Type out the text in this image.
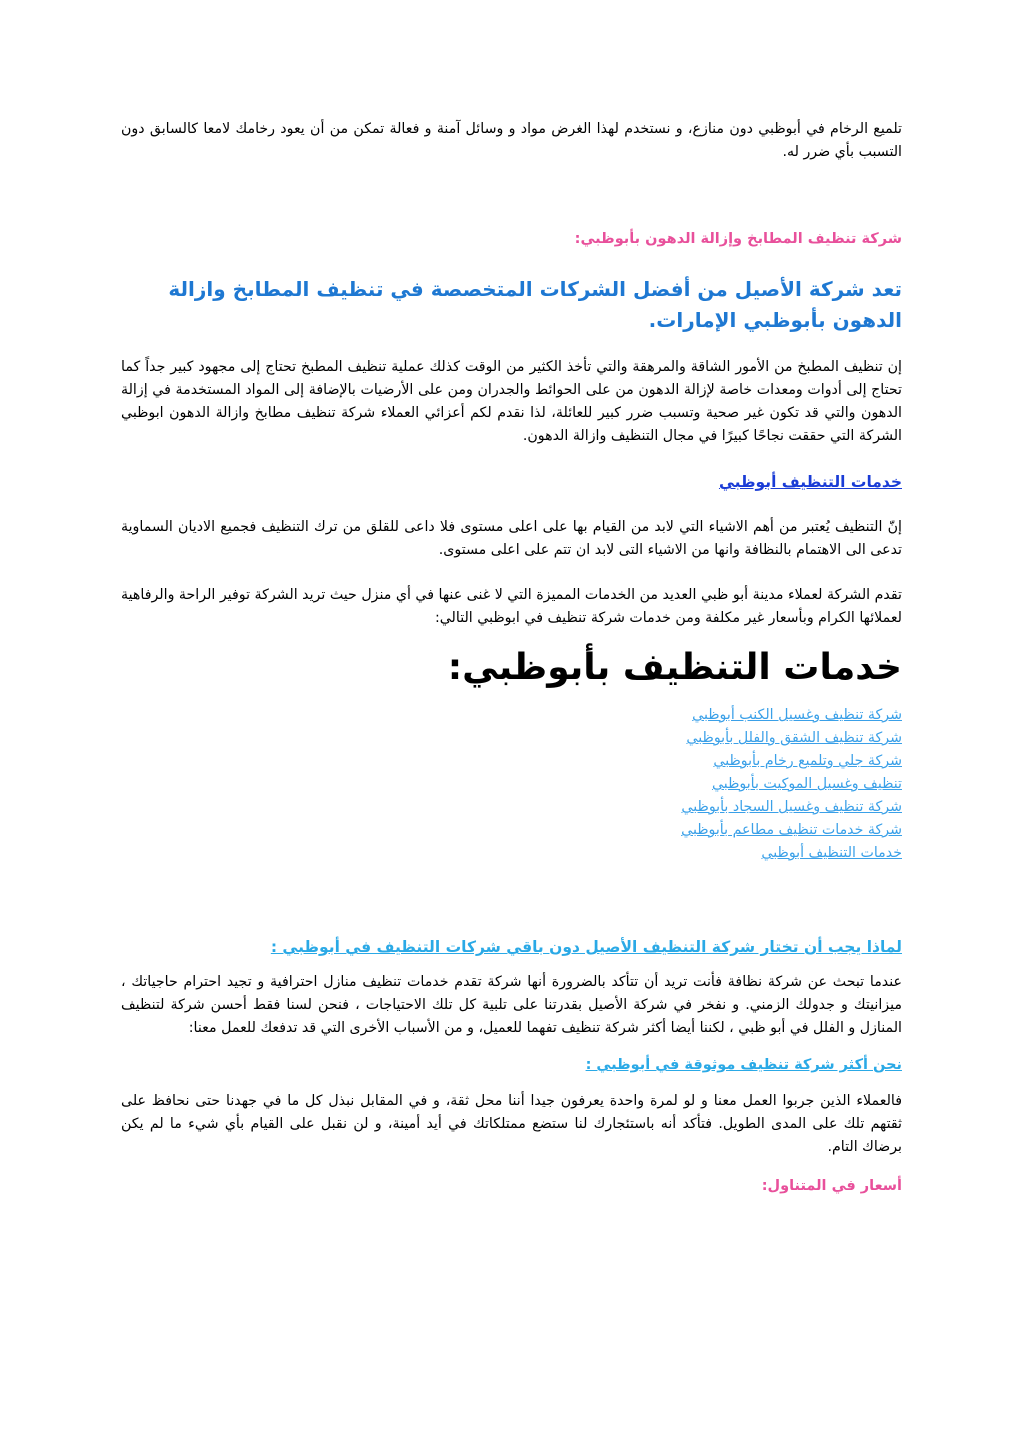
تلميع الرخام في أبوظبي دون منازع، و نستخدم لهذا الغرض مواد و وسائل آمنة و فعالة تمكن من أن يعود رخامك لامعا كالسابق دون التسبب بأي ضرر له.

شركة تنظيف المطابخ وإزالة الدهون بأبوظبي:

تعد شركة الأصيل من أفضل الشركات المتخصصة في تنظيف المطابخ وازالة الدهون بأبوظبي الإمارات.

إن تنظيف المطبخ من الأمور الشاقة والمرهقة والتي تأخذ الكثير من الوقت كذلك عملية تنظيف المطبخ تحتاج إلى مجهود كبير جداً كما تحتاج إلى أدوات ومعدات خاصة لإزالة الدهون من على الحوائط والجدران ومن على الأرضيات بالإضافة إلى المواد المستخدمة في إزالة الدهون والتي قد تكون غير صحية وتسبب ضرر كبير للعائلة، لذا نقدم لكم أعزائي العملاء شركة تنظيف مطابخ وازالة الدهون ابوظبي الشركة التي حققت نجاحًا كبيرًا في مجال التنظيف وازالة الدهون.

خدمات التنظيف أبوظبي

إنّ التنظيف يُعتبر من أهم الاشياء التي لابد من القيام بها على اعلى مستوى فلا داعى للقلق من ترك التنظيف فجميع الاديان السماوية تدعى الى الاهتمام بالنظافة وانها من الاشياء التى لابد ان تتم على اعلى مستوى.

تقدم الشركة لعملاء مدينة أبو ظبي العديد من الخدمات المميزة التي لا غنى عنها في أي منزل حيث تريد الشركة توفير الراحة والرفاهية لعملائها الكرام وبأسعار غير مكلفة ومن خدمات شركة تنظيف في ابوظبي التالي:

خدمات التنظيف بأبوظبي:

شركة تنظيف وغسيل الكنب أبوظبي
شركة تنظيف الشقق والفلل بأبوظبي
شركة جلي وتلميع رخام بأبوظبي
تنظيف وغسيل الموكيت بأبوظبي
شركة تنظيف وغسيل السجاد بأبوظبي
شركة خدمات تنظيف مطاعم بأبوظبي
خدمات التنظيف أبوظبي

لماذا يجب أن تختار شركة التنظيف الأصيل دون باقي شركات التنظيف في أبوظبي :

عندما تبحث عن شركة نظافة فأنت تريد أن تتأكد بالضرورة أنها شركة تقدم خدمات تنظيف منازل احترافية و تجيد احترام حاجياتك ، ميزانيتك و جدولك الزمني. و نفخر في شركة الأصيل بقدرتنا على تلبية كل تلك الاحتياجات ، فنحن لسنا فقط أحسن شركة لتنظيف المنازل و الفلل في أبو ظبي ، لكننا أيضا أكثر شركة تنظيف تفهما للعميل، و من الأسباب الأخرى التي قد تدفعك للعمل معنا:

نحن أكثر شركة تنظيف موثوقة في أبوظبي :

فالعملاء الذين جربوا العمل معنا و لو لمرة واحدة يعرفون جيدا أننا محل ثقة، و في المقابل نبذل كل ما في جهدنا حتى نحافظ على ثقتهم تلك على المدى الطويل. فتأكد أنه باستئجارك لنا ستضع ممتلكاتك في أيد أمينة، و لن نقبل على القيام بأي شيء ما لم يكن برضاك التام.

أسعار في المتناول:
